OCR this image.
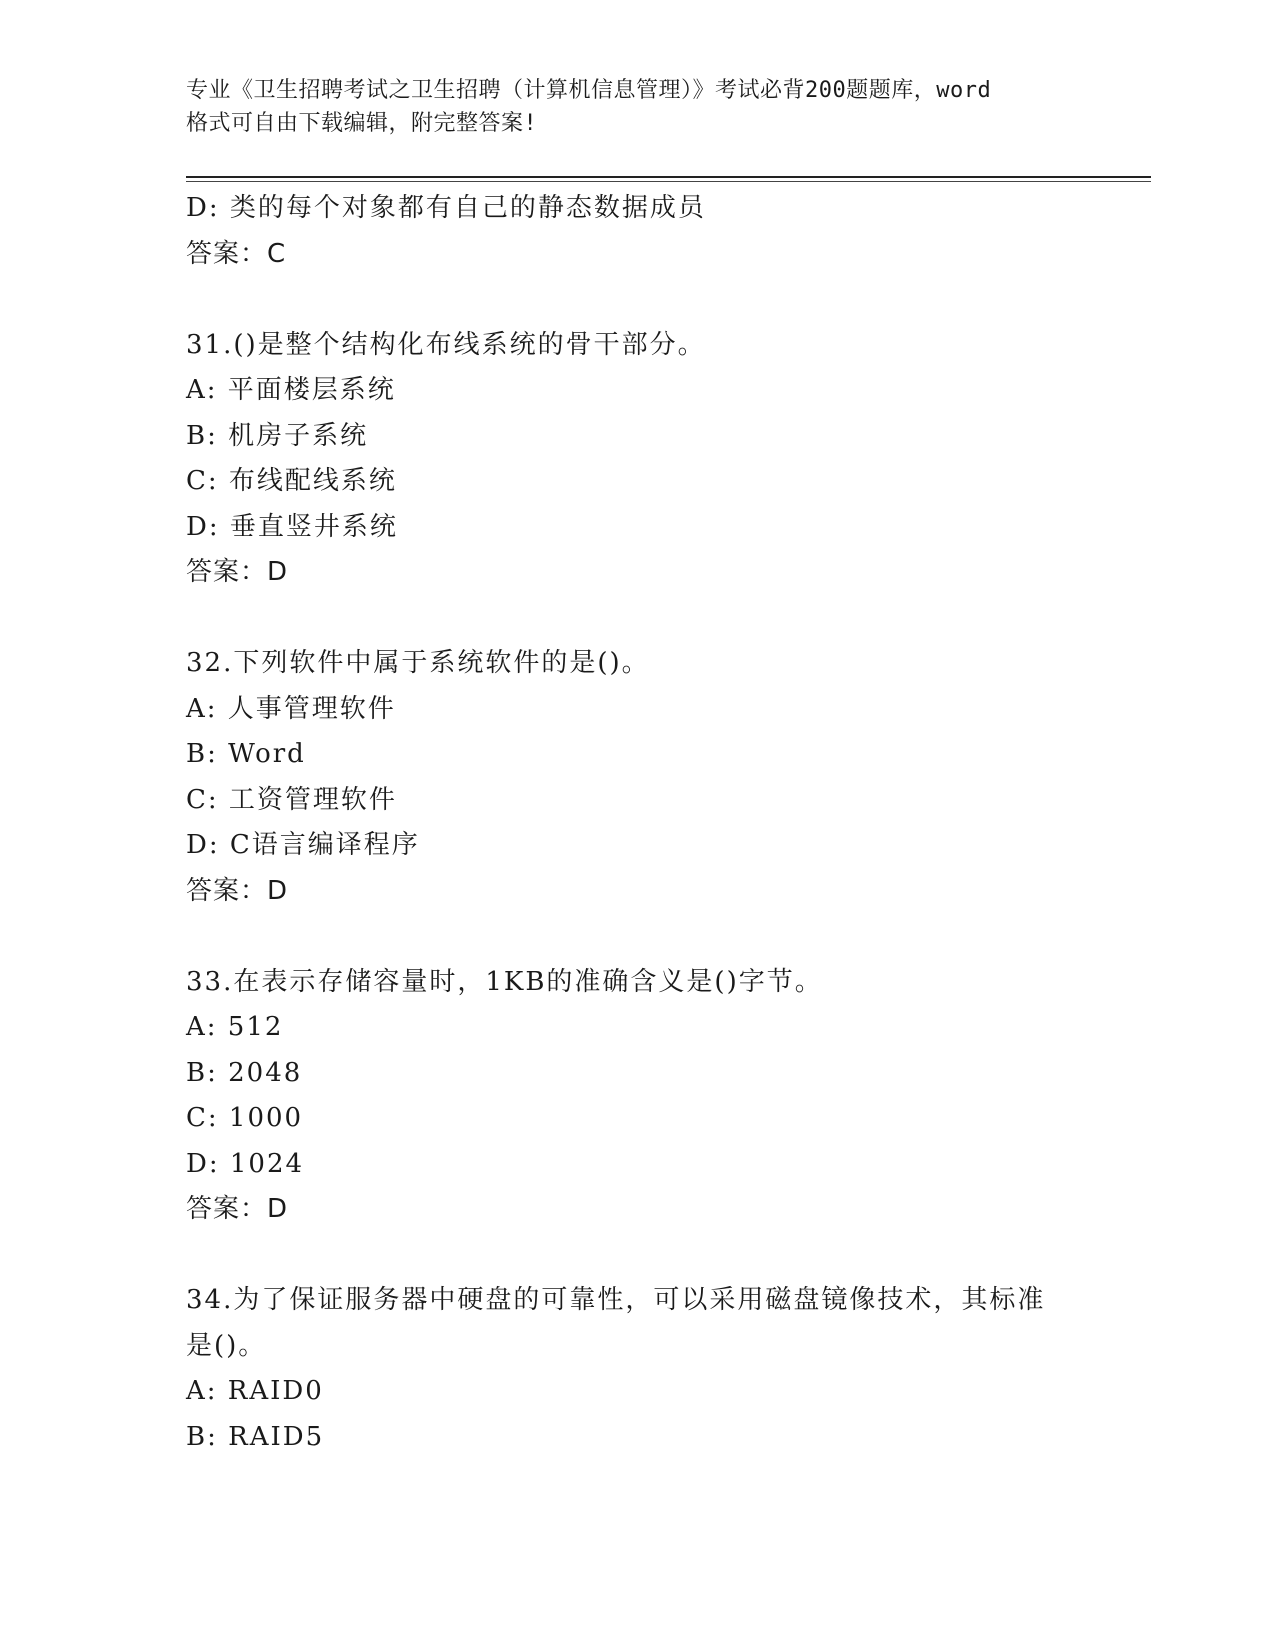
专业《卫生招聘考试之卫生招聘（计算机信息管理）》考试必背200题题库，word
格式可自由下载编辑，附完整答案!
D: 类的每个对象都有自己的静态数据成员
答案：C
31.()是整个结构化布线系统的骨干部分。
A: 平面楼层系统
B: 机房子系统
C: 布线配线系统
D: 垂直竖井系统
答案：D
32.下列软件中属于系统软件的是()。
A: 人事管理软件
B: Word
C: 工资管理软件
D: C语言编译程序
答案：D
33.在表示存储容量时，1KB的准确含义是()字节。
A: 512
B: 2048
C: 1000
D: 1024
答案：D
34.为了保证服务器中硬盘的可靠性，可以采用磁盘镜像技术，其标准
是()。
A: RAID0
B: RAID5
